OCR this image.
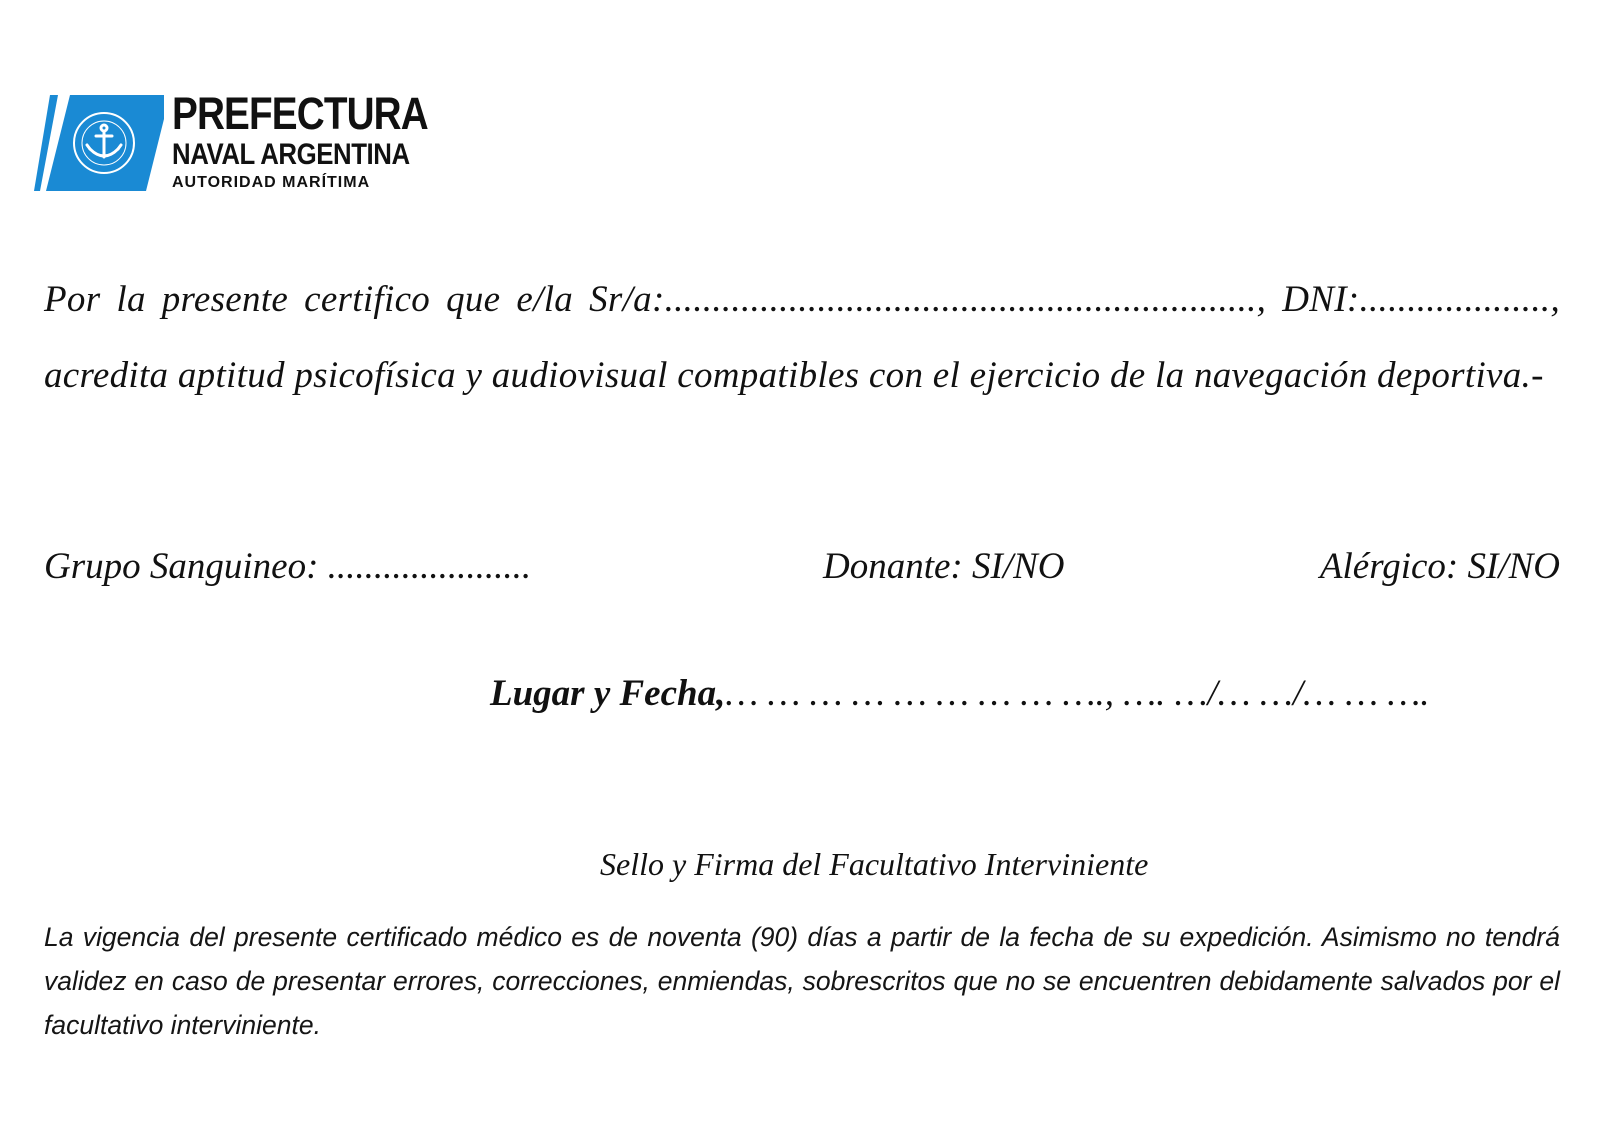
PREFECTURA
NAVAL ARGENTINA
AUTORIDAD MARÍTIMA
Por la presente certifico que e/la Sr/a:.............................................................., DNI:...................., acredita aptitud psicofísica y audiovisual compatibles con el ejercicio de la navegación deportiva.-
Grupo Sanguineo: ......................	Donante: SI/NO	Alérgico: SI/NO
Lugar y Fecha,… … … … … … … … …., …. …/… …/… … ….
Sello y Firma del Facultativo Interviniente
La vigencia del presente certificado médico es de noventa (90) días a partir de la fecha de su expedición. Asimismo no tendrá validez en caso de presentar errores, correcciones, enmiendas, sobrescritos que no se encuentren debidamente salvados por el facultativo interviniente.
